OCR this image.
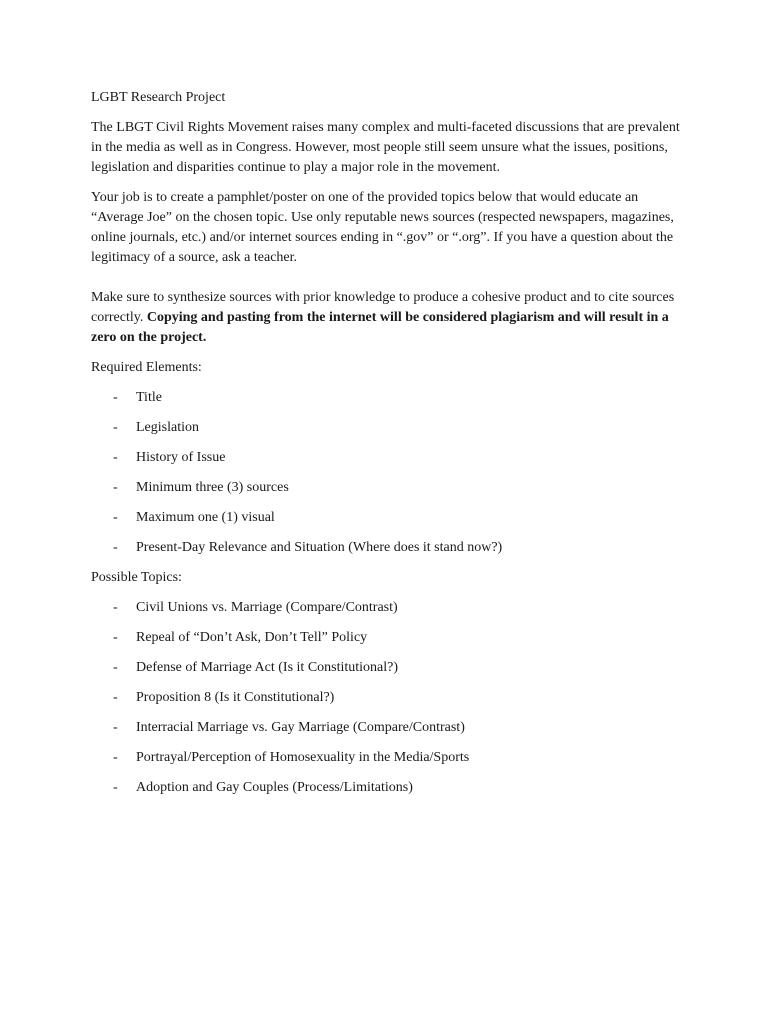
LGBT Research Project

The LBGT Civil Rights Movement raises many complex and multi-faceted discussions that are prevalent in the media as well as in Congress. However, most people still seem unsure what the issues, positions, legislation and disparities continue to play a major role in the movement.

Your job is to create a pamphlet/poster on one of the provided topics below that would educate an “Average Joe” on the chosen topic. Use only reputable news sources (respected newspapers, magazines, online journals, etc.) and/or internet sources ending in “.gov” or “.org”. If you have a question about the legitimacy of a source, ask a teacher.

Make sure to synthesize sources with prior knowledge to produce a cohesive product and to cite sources correctly. Copying and pasting from the internet will be considered plagiarism and will result in a zero on the project.

Required Elements:

- Title
- Legislation
- History of Issue
- Minimum three (3) sources
- Maximum one (1) visual
- Present-Day Relevance and Situation (Where does it stand now?)

Possible Topics:

- Civil Unions vs. Marriage (Compare/Contrast)
- Repeal of “Don’t Ask, Don’t Tell” Policy
- Defense of Marriage Act (Is it Constitutional?)
- Proposition 8 (Is it Constitutional?)
- Interracial Marriage vs. Gay Marriage (Compare/Contrast)
- Portrayal/Perception of Homosexuality in the Media/Sports
- Adoption and Gay Couples (Process/Limitations)
